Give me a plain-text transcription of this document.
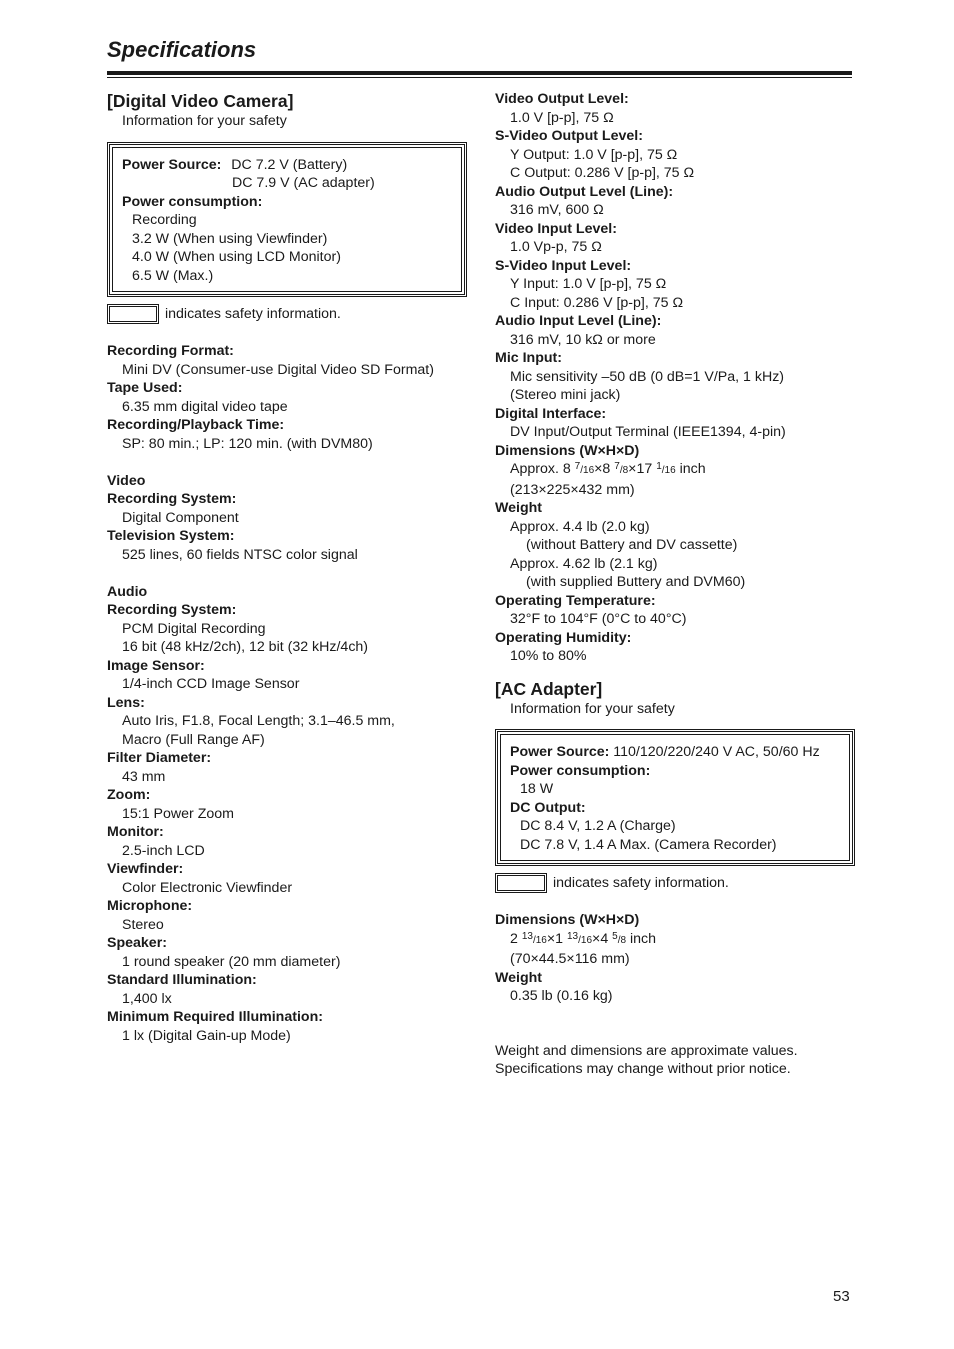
Specifications
[Digital Video Camera]
Information for your safety
Power Source: DC 7.2 V (Battery)
DC 7.9 V (AC adapter)
Power consumption:
Recording
3.2 W (When using Viewfinder)
4.0 W (When using LCD Monitor)
6.5 W (Max.)
indicates safety information.
Recording Format:
Mini DV (Consumer-use Digital Video SD Format)
Tape Used:
6.35 mm digital video tape
Recording/Playback Time:
SP: 80 min.; LP: 120 min. (with DVM80)
Video
Recording System:
Digital Component
Television System:
525 lines, 60 fields NTSC color signal
Audio
Recording System:
PCM Digital Recording
16 bit (48 kHz/2ch), 12 bit (32 kHz/4ch)
Image Sensor:
1/4-inch CCD Image Sensor
Lens:
Auto Iris, F1.8, Focal Length; 3.1–46.5 mm,
Macro (Full Range AF)
Filter Diameter:
43 mm
Zoom:
15:1 Power Zoom
Monitor:
2.5-inch LCD
Viewfinder:
Color Electronic Viewfinder
Microphone:
Stereo
Speaker:
1 round speaker (20 mm diameter)
Standard Illumination:
1,400 lx
Minimum Required Illumination:
1 lx (Digital Gain-up Mode)
Video Output Level:
1.0 V [p-p], 75 Ω
S-Video Output Level:
Y Output: 1.0 V [p-p], 75 Ω
C Output: 0.286 V [p-p], 75 Ω
Audio Output Level (Line):
316 mV, 600 Ω
Video Input Level:
1.0 Vp-p, 75 Ω
S-Video Input Level:
Y Input: 1.0 V [p-p], 75 Ω
C Input: 0.286 V [p-p], 75 Ω
Audio Input Level (Line):
316 mV, 10 kΩ or more
Mic Input:
Mic sensitivity –50 dB (0 dB=1 V/Pa, 1 kHz)
(Stereo mini jack)
Digital Interface:
DV Input/Output Terminal (IEEE1394, 4-pin)
Dimensions (W×H×D)
Approx. 8 $^7$/16×8 $^7$/8×17 $^1$/16 inch
(213×225×432 mm)
Weight
Approx. 4.4 lb (2.0 kg)
(without Battery and DV cassette)
Approx. 4.62 lb (2.1 kg)
(with supplied Buttery and DVM60)
Operating Temperature:
32°F to 104°F (0°C to 40°C)
Operating Humidity:
10% to 80%
[AC Adapter]
Information for your safety
Power Source: 110/120/220/240 V AC, 50/60 Hz
Power consumption:
18 W
DC Output:
DC 8.4 V, 1.2 A (Charge)
DC 7.8 V, 1.4 A Max. (Camera Recorder)
indicates safety information.
Dimensions (W×H×D)
2 $^{13}$/16×1 $^{13}$/16×4 $^5$/8 inch
(70×44.5×116 mm)
Weight
0.35 lb (0.16 kg)
Weight and dimensions are approximate values.
Specifications may change without prior notice.
53
